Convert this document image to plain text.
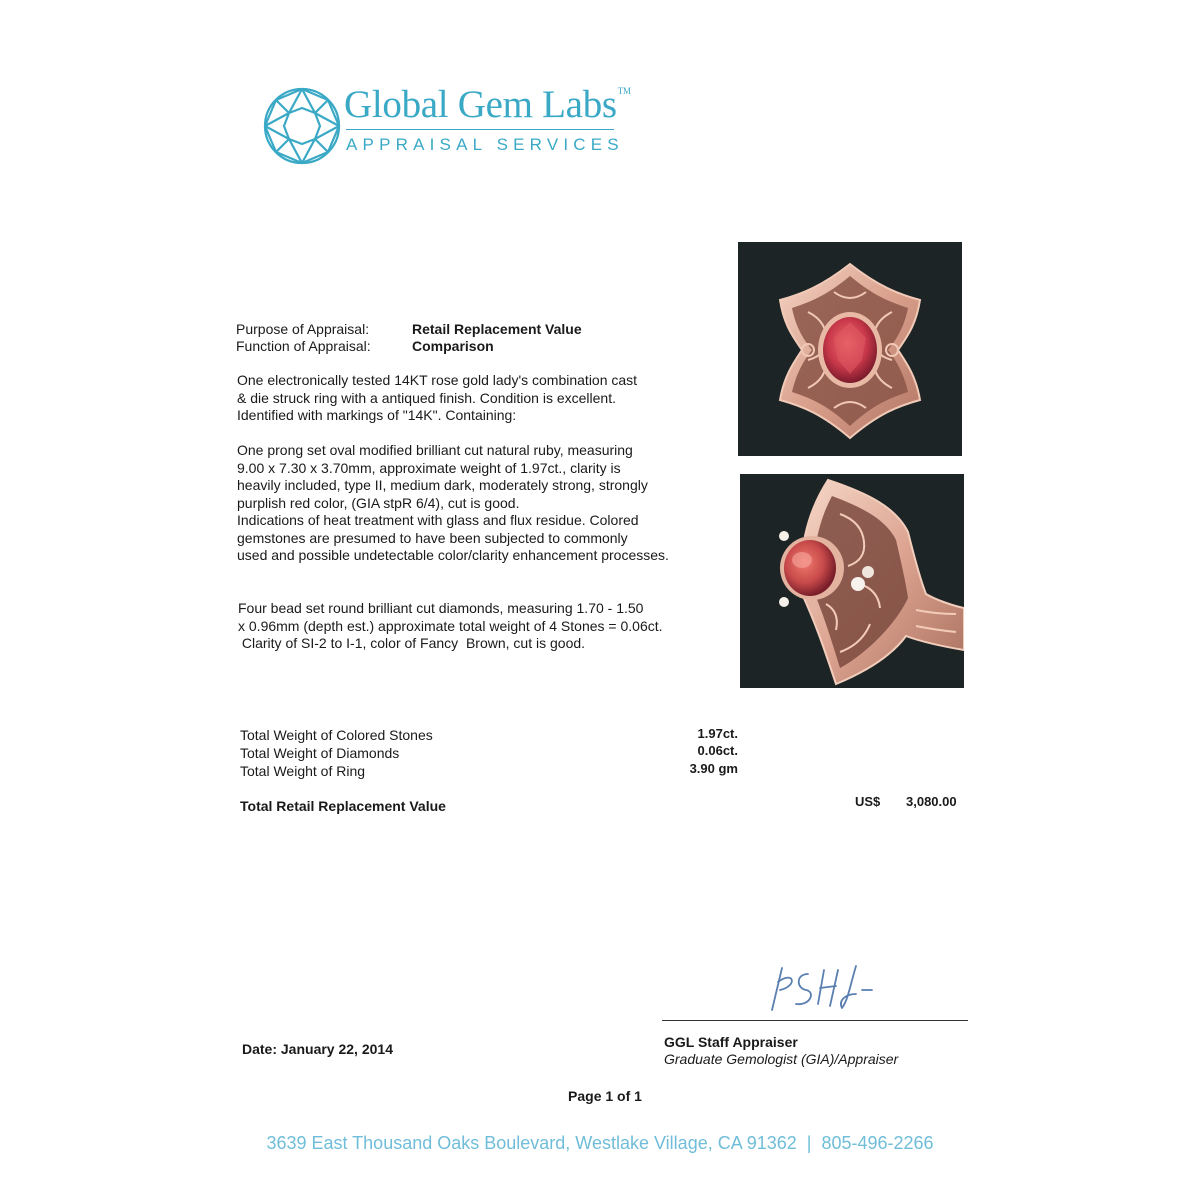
Global Gem Labs™
APPRAISAL SERVICES
Purpose of Appraisal:	Retail Replacement Value
Function of Appraisal:	Comparison
One electronically tested 14KT rose gold lady's combination cast
& die struck ring with a antiqued finish. Condition is excellent.
Identified with markings of "14K". Containing:
One prong set oval modified brilliant cut natural ruby, measuring
9.00 x 7.30 x 3.70mm, approximate weight of 1.97ct., clarity is
heavily included, type II, medium dark, moderately strong, strongly
purplish red color, (GIA stpR 6/4), cut is good.
Indications of heat treatment with glass and flux residue. Colored
gemstones are presumed to have been subjected to commonly
used and possible undetectable color/clarity enhancement processes.
Four bead set round brilliant cut diamonds, measuring 1.70 - 1.50
x 0.96mm (depth est.) approximate total weight of 4 Stones = 0.06ct.
Clarity of SI-2 to I-1, color of Fancy  Brown, cut is good.
Total Weight of Colored Stones	1.97ct.
Total Weight of Diamonds	0.06ct.
Total Weight of Ring	3.90 gm
Total Retail Replacement Value	US$ 3,080.00
Date: January 22, 2014	GGL Staff Appraiser
Graduate Gemologist (GIA)/Appraiser
Page 1 of 1
3639 East Thousand Oaks Boulevard, Westlake Village, CA 91362  |  805-496-2266
